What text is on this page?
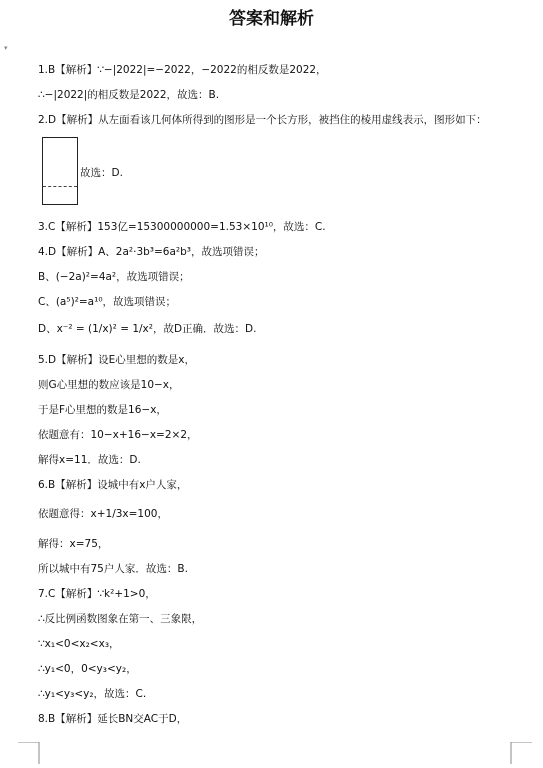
答案和解析
▾
1.B【解析】∵−|2022|=−2022，−2022的相反数是2022，
∴−|2022|的相反数是2022，故选：B.
2.D【解析】从左面看该几何体所得到的图形是一个长方形，被挡住的棱用虚线表示，图形如下：
故选：D.
3.C【解析】153亿=15300000000=1.53×10¹⁰，故选：C.
4.D【解析】A、2a²·3b³=6a²b³，故选项错误；
B、(−2a)²=4a²，故选项错误；
C、(a⁵)²=a¹⁰，故选项错误；
D、x⁻² = (1/x)² = 1/x²，故D正确．故选：D.
5.D【解析】设E心里想的数是x，
则G心里想的数应该是10−x，
于是F心里想的数是16−x，
依题意有：10−x+16−x=2×2，
解得x=11．故选：D.
6.B【解析】设城中有x户人家，
依题意得：x+1/3x=100，
解得：x=75，
所以城中有75户人家．故选：B.
7.C【解析】∵k²+1>0，
∴反比例函数图象在第一、三象限，
∵x₁<0<x₂<x₃，
∴y₁<0，0<y₃<y₂，
∴y₁<y₃<y₂，故选：C.
8.B【解析】延长BN交AC于D，
